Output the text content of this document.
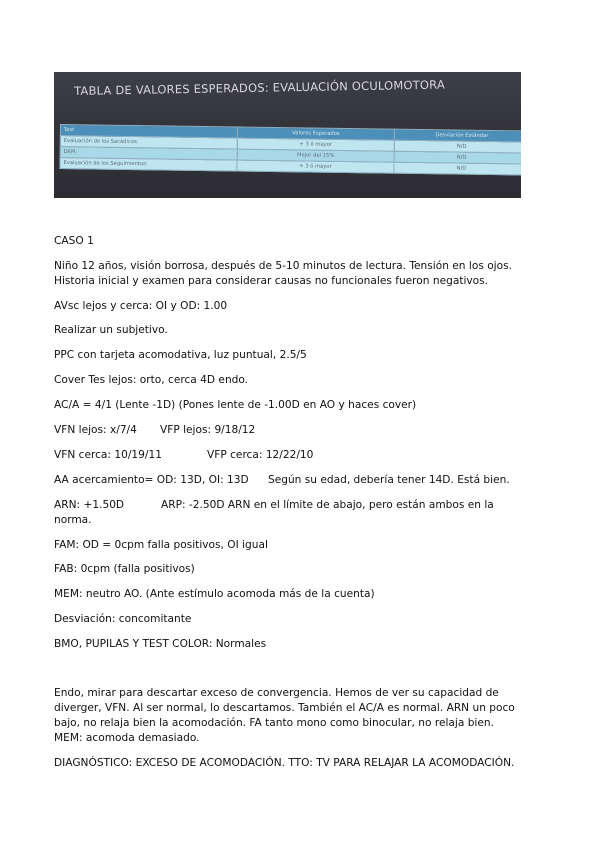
TABLA DE VALORES ESPERADOS: EVALUACIÓN OCULOMOTORA
Test	Valores Esperados	Desviación Estándar
Evaluación de los Sacádicos:	+ 3 ó mayor	N/D
DEM:	Mejor del 15%	N/D
Evaluación de los Seguimientos:	+ 3 ó mayor	N/D

CASO 1

Niño 12 años, visión borrosa, después de 5-10 minutos de lectura. Tensión en los ojos.

Historia inicial y examen para considerar causas no funcionales fueron negativos.

AVsc lejos y cerca: OI y OD: 1.00

Realizar un subjetivo.

PPC con tarjeta acomodativa, luz puntual, 2.5/5

Cover Tes lejos: orto, cerca 4D endo.

AC/A = 4/1 (Lente -1D) (Pones lente de -1.00D en AO y haces cover)

VFN lejos: x/7/4 VFP lejos: 9/18/12

VFN cerca: 10/19/11	VFP cerca: 12/22/10

AA acercamiento= OD: 13D, OI: 13D Según su edad, debería tener 14D. Está bien.

ARN: +1.50D	ARP: -2.50D ARN en el límite de abajo, pero están ambos en la

norma.

FAM: OD = 0cpm falla positivos, OI igual

FAB: 0cpm (falla positivos)

MEM: neutro AO. (Ante estímulo acomoda más de la cuenta)

Desviación: concomitante

BMO, PUPILAS Y TEST COLOR: Normales

Endo, mirar para descartar exceso de convergencia. Hemos de ver su capacidad de

diverger, VFN. Al ser normal, lo descartamos. También el AC/A es normal. ARN un poco

bajo, no relaja bien la acomodación. FA tanto mono como binocular, no relaja bien.

MEM: acomoda demasiado.

DIAGNÓSTICO: EXCESO DE ACOMODACIÓN. TTO: TV PARA RELAJAR LA ACOMODACIÓN.
